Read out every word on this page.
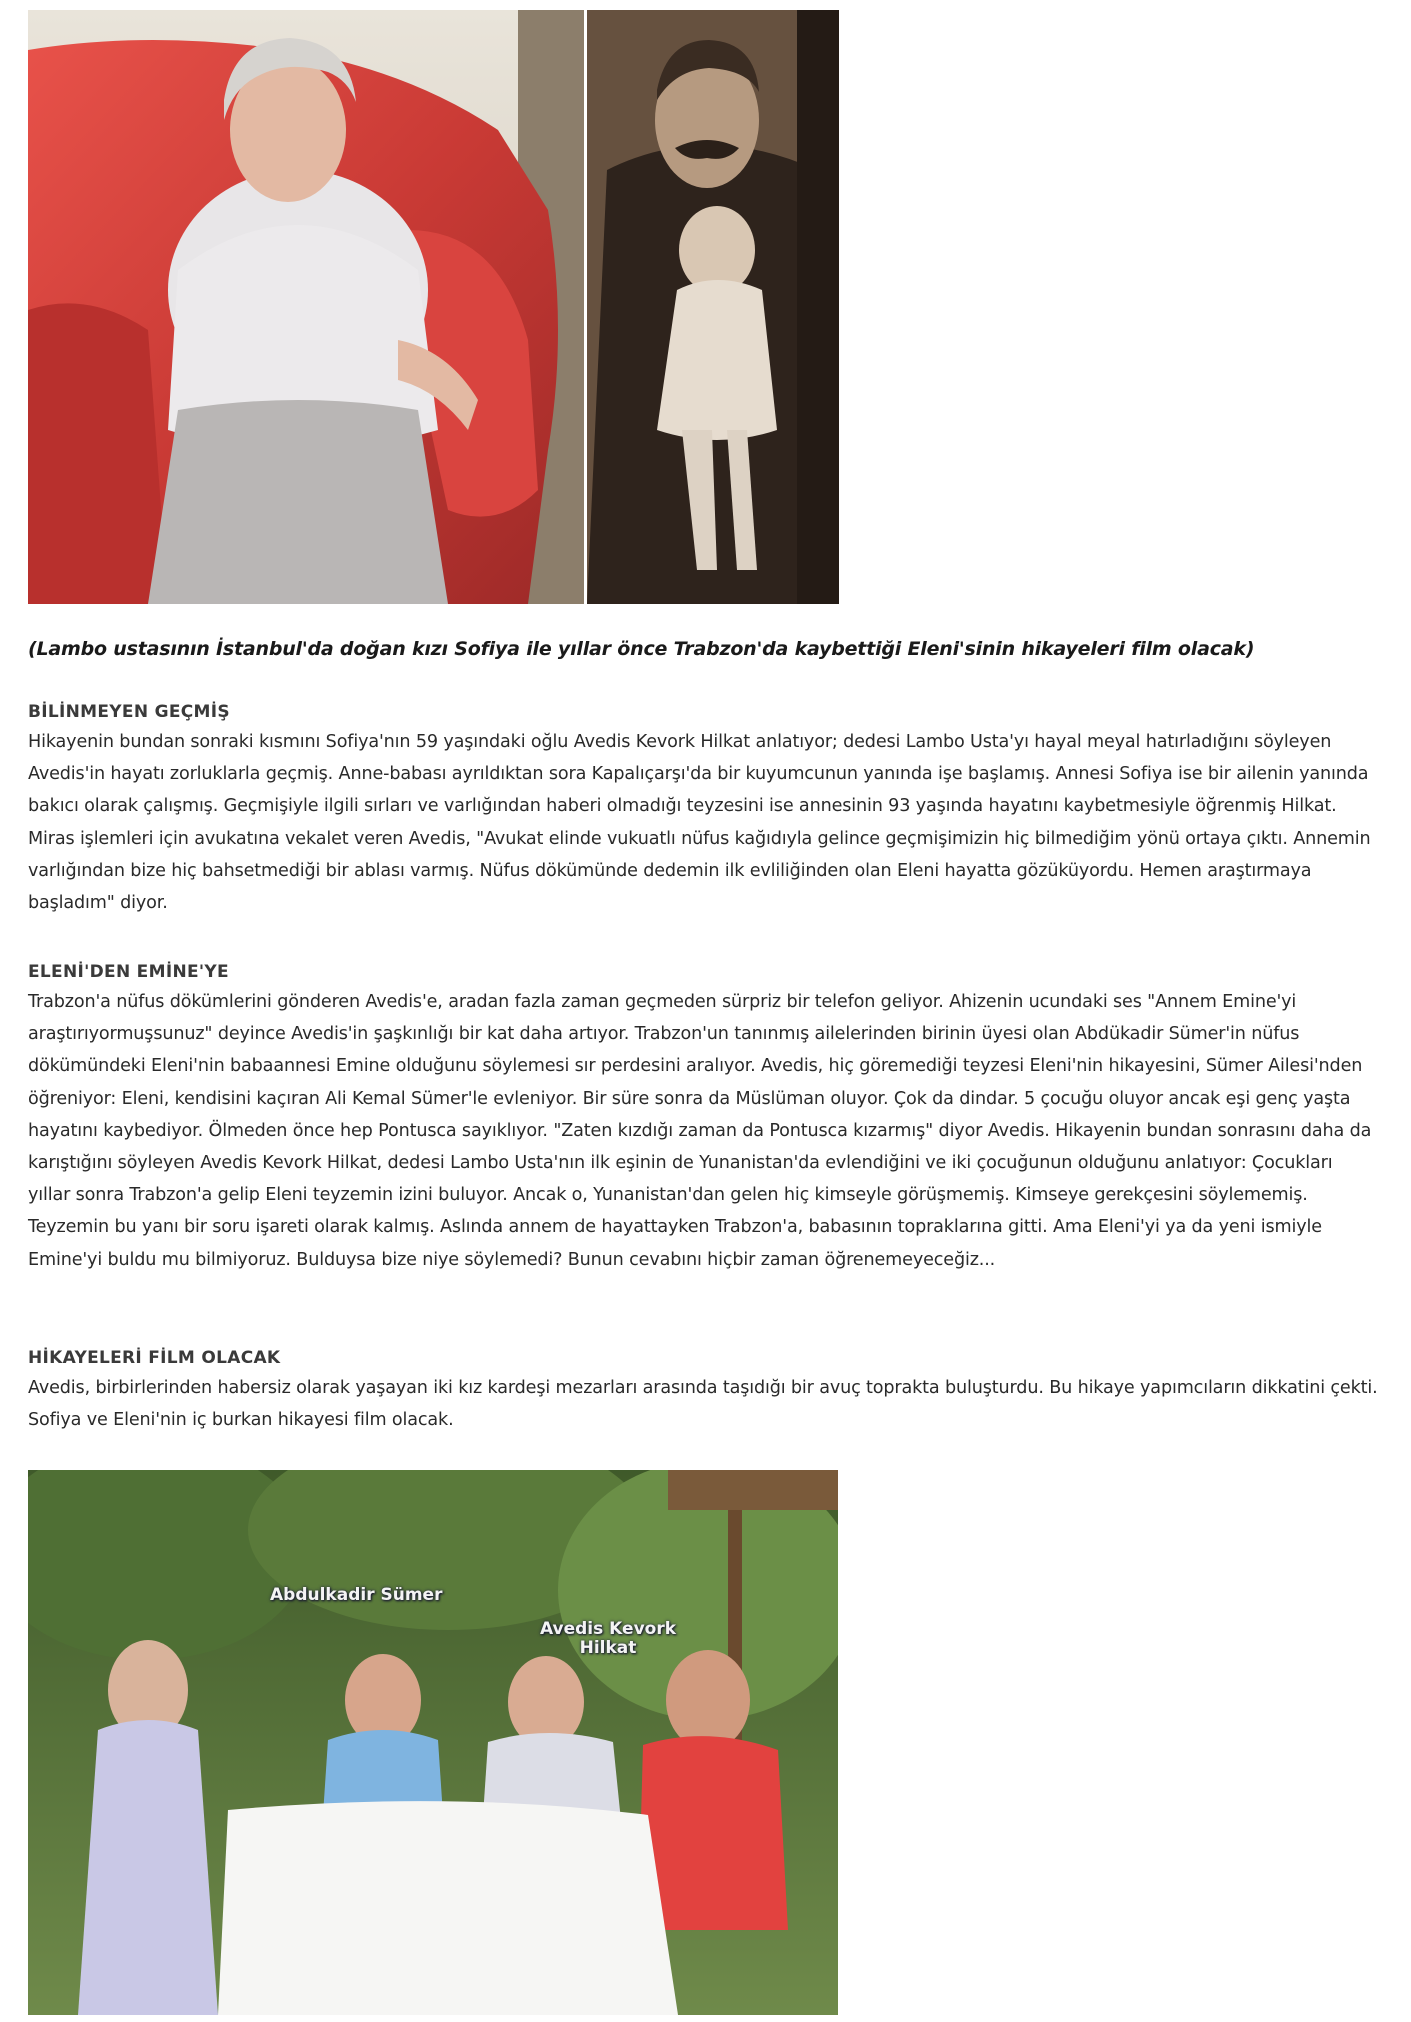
(Lambo ustasının İstanbul'da doğan kızı Sofiya ile yıllar önce Trabzon'da kaybettiği Eleni'sinin hikayeleri film olacak)
BİLİNMEYEN GEÇMİŞ

Hikayenin bundan sonraki kısmını Sofiya'nın 59 yaşındaki oğlu Avedis Kevork Hilkat anlatıyor; dedesi Lambo Usta'yı hayal meyal hatırladığını söyleyen Avedis'in hayatı zorluklarla geçmiş. Anne-babası ayrıldıktan sora Kapalıçarşı'da bir kuyumcunun yanında işe başlamış. Annesi Sofiya ise bir ailenin yanında bakıcı olarak çalışmış. Geçmişiyle ilgili sırları ve varlığından haberi olmadığı teyzesini ise annesinin 93 yaşında hayatını kaybetmesiyle öğrenmiş Hilkat. Miras işlemleri için avukatına vekalet veren Avedis, "Avukat elinde vukuatlı nüfus kağıdıyla gelince geçmişimizin hiç bilmediğim yönü ortaya çıktı. Annemin varlığından bize hiç bahsetmediği bir ablası varmış. Nüfus dökümünde dedemin ilk evliliğinden olan Eleni hayatta gözüküyordu. Hemen araştırmaya başladım" diyor.

ELENİ'DEN EMİNE'YE

Trabzon'a nüfus dökümlerini gönderen Avedis'e, aradan fazla zaman geçmeden sürpriz bir telefon geliyor. Ahizenin ucundaki ses "Annem Emine'yi araştırıyormuşsunuz" deyince Avedis'in şaşkınlığı bir kat daha artıyor. Trabzon'un tanınmış ailelerinden birinin üyesi olan Abdükadir Sümer'in nüfus dökümündeki Eleni'nin babaannesi Emine olduğunu söylemesi sır perdesini aralıyor. Avedis, hiç göremediği teyzesi Eleni'nin hikayesini, Sümer Ailesi'nden öğreniyor: Eleni, kendisini kaçıran Ali Kemal Sümer'le evleniyor. Bir süre sonra da Müslüman oluyor. Çok da dindar. 5 çocuğu oluyor ancak eşi genç yaşta hayatını kaybediyor. Ölmeden önce hep Pontusca sayıklıyor. "Zaten kızdığı zaman da Pontusca kızarmış" diyor Avedis. Hikayenin bundan sonrasını daha da karıştığını söyleyen Avedis Kevork Hilkat, dedesi Lambo Usta'nın ilk eşinin de Yunanistan'da evlendiğini ve iki çocuğunun olduğunu anlatıyor: Çocukları yıllar sonra Trabzon'a gelip Eleni teyzemin izini buluyor. Ancak o, Yunanistan'dan gelen hiç kimseyle görüşmemiş. Kimseye gerekçesini söylememiş. Teyzemin bu yanı bir soru işareti olarak kalmış. Aslında annem de hayattayken Trabzon'a, babasının topraklarına gitti. Ama Eleni'yi ya da yeni ismiyle Emine'yi buldu mu bilmiyoruz. Bulduysa bize niye söylemedi? Bunun cevabını hiçbir zaman öğrenemeyeceğiz...

HİKAYELERİ FİLM OLACAK

Avedis, birbirlerinden habersiz olarak yaşayan iki kız kardeşi mezarları arasında taşıdığı bir avuç toprakta buluşturdu. Bu hikaye yapımcıların dikkatini çekti. Sofiya ve Eleni'nin iç burkan hikayesi film olacak.

Abdulkadir Sümer
Avedis Kevork Hilkat
